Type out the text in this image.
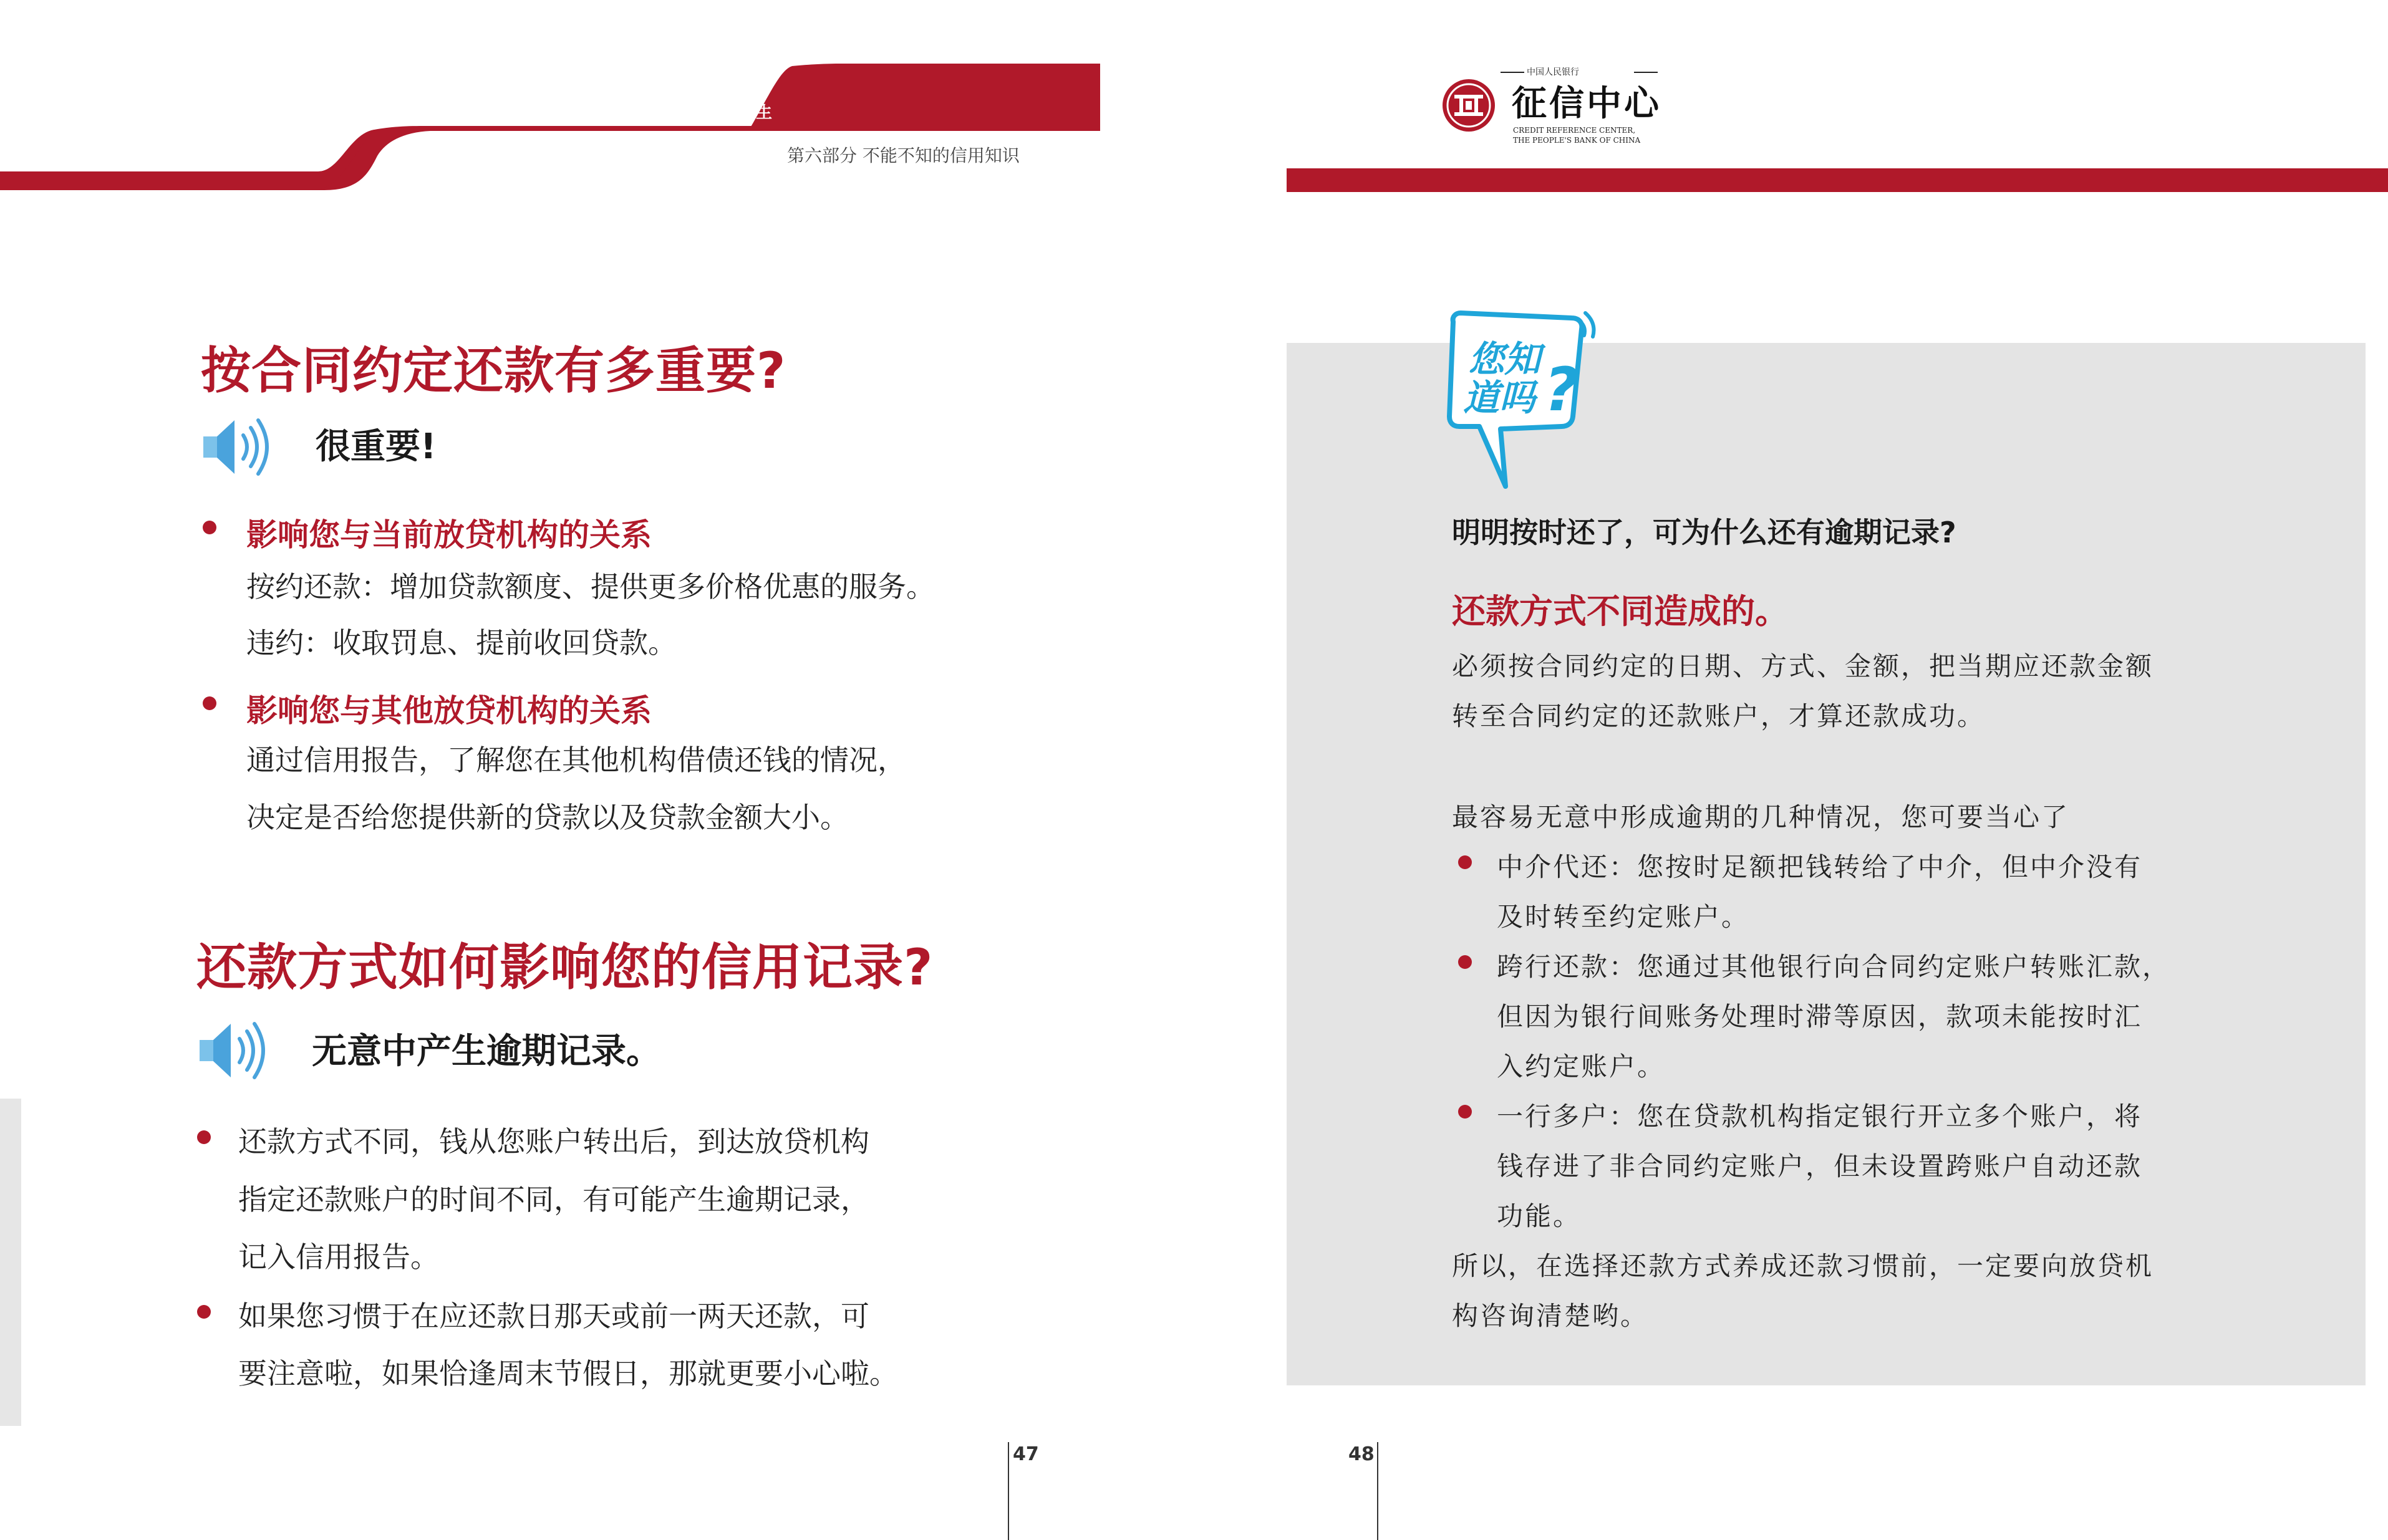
珍爱信用记录 享受幸福人生
第六部分 不能不知的信用知识
按合同约定还款有多重要?
很重要!
影响您与当前放贷机构的关系
按约还款：增加贷款额度、提供更多价格优惠的服务。
违约：收取罚息、提前收回贷款。
影响您与其他放贷机构的关系
通过信用报告，了解您在其他机构借债还钱的情况，
决定是否给您提供新的贷款以及贷款金额大小。
还款方式如何影响您的信用记录?
无意中产生逾期记录。
还款方式不同，钱从您账户转出后，到达放贷机构
指定还款账户的时间不同，有可能产生逾期记录，
记入信用报告。
如果您习惯于在应还款日那天或前一两天还款，可
要注意啦，如果恰逢周末节假日，那就更要小心啦。
47
中国人民银行
征信中心
CREDIT REFERENCE CENTER,
THE PEOPLE'S BANK OF CHINA
您知
道吗 ?
明明按时还了，可为什么还有逾期记录?
还款方式不同造成的。
必须按合同约定的日期、方式、金额，把当期应还款金额
转至合同约定的还款账户，才算还款成功。
最容易无意中形成逾期的几种情况，您可要当心了
中介代还：您按时足额把钱转给了中介，但中介没有
及时转至约定账户。
跨行还款：您通过其他银行向合同约定账户转账汇款，
但因为银行间账务处理时滞等原因，款项未能按时汇
入约定账户。
一行多户：您在贷款机构指定银行开立多个账户，将
钱存进了非合同约定账户，但未设置跨账户自动还款
功能。
所以，在选择还款方式养成还款习惯前，一定要向放贷机
构咨询清楚哟。
48
